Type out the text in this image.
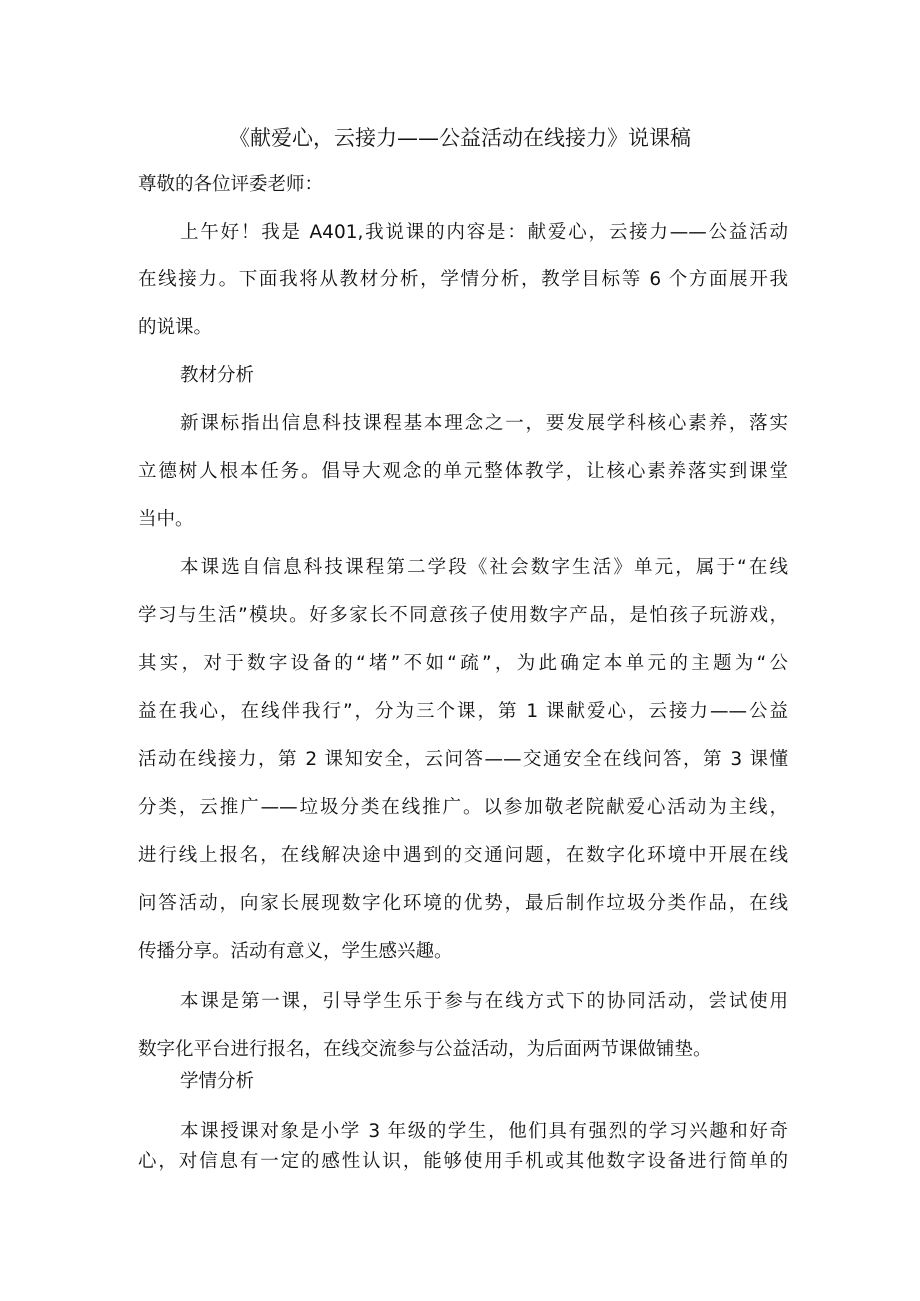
《献爱心，云接力——公益活动在线接力》说课稿
尊敬的各位评委老师：
上午好！我是 A401,我说课的内容是：献爱心，云接力——公益活动
在线接力。下面我将从教材分析，学情分析，教学目标等 6 个方面展开我
的说课。
教材分析
新课标指出信息科技课程基本理念之一，要发展学科核心素养，落实
立德树人根本任务。倡导大观念的单元整体教学，让核心素养落实到课堂
当中。
本课选自信息科技课程第二学段《社会数字生活》单元，属于“在线
学习与生活”模块。好多家长不同意孩子使用数字产品，是怕孩子玩游戏，
其实，对于数字设备的“堵”不如“疏”，为此确定本单元的主题为“公
益在我心，在线伴我行”，分为三个课，第 1 课献爱心，云接力——公益
活动在线接力，第 2 课知安全，云问答——交通安全在线问答，第 3 课懂
分类，云推广——垃圾分类在线推广。以参加敬老院献爱心活动为主线，
进行线上报名，在线解决途中遇到的交通问题，在数字化环境中开展在线
问答活动，向家长展现数字化环境的优势，最后制作垃圾分类作品，在线
传播分享。活动有意义，学生感兴趣。
本课是第一课，引导学生乐于参与在线方式下的协同活动，尝试使用
数字化平台进行报名，在线交流参与公益活动，为后面两节课做铺垫。
学情分析
本课授课对象是小学 3 年级的学生，他们具有强烈的学习兴趣和好奇
心，对信息有一定的感性认识，能够使用手机或其他数字设备进行简单的
